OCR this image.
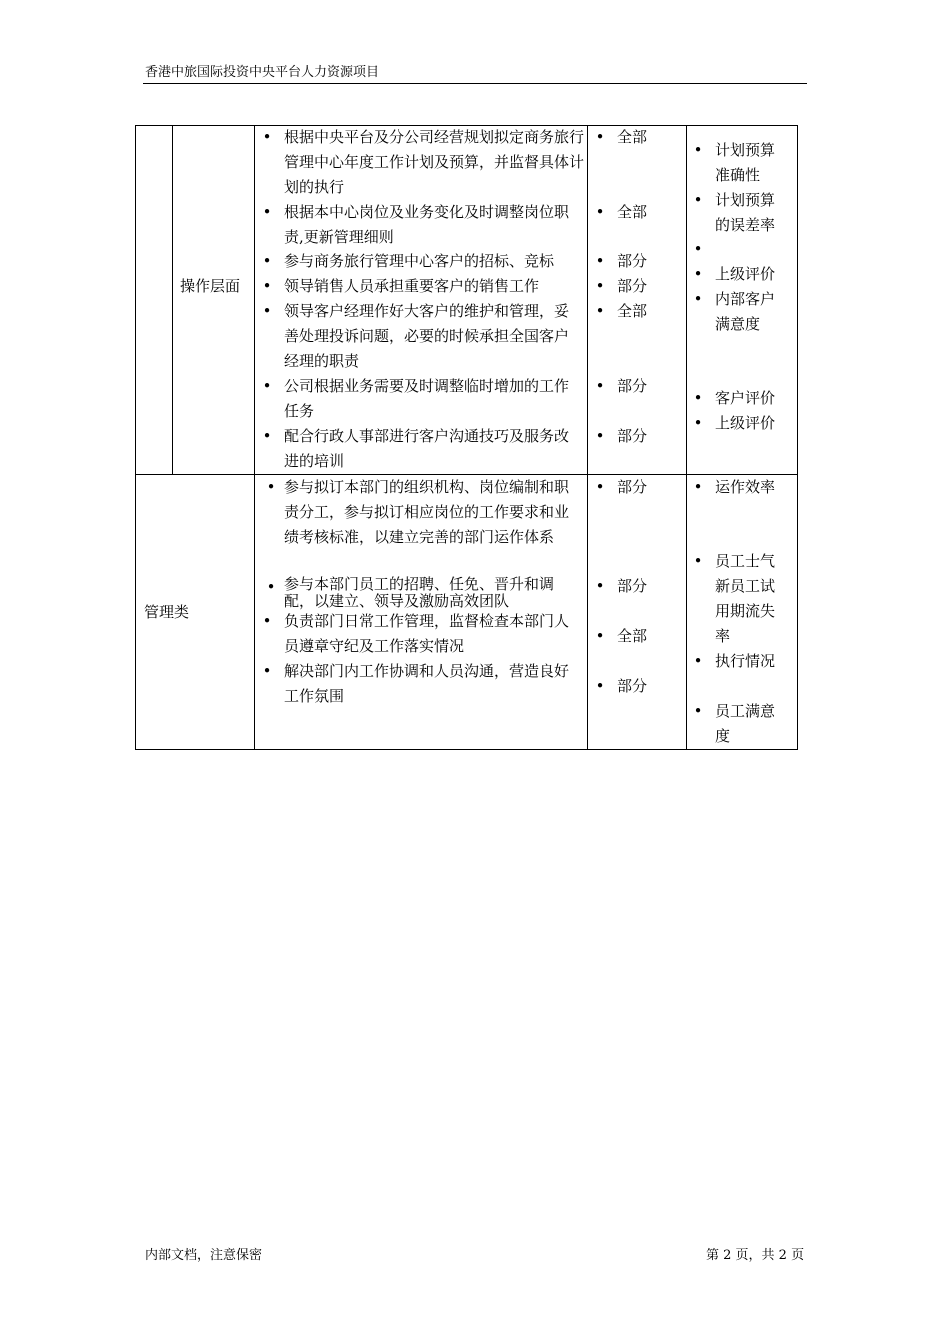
香港中旅国际投资中央平台人力资源项目
操作层面
• 根据中央平台及分公司经营规划拟定商务旅行管理中心年度工作计划及预算，并监督具体计划的执行
• 根据本中心岗位及业务变化及时调整岗位职责,更新管理细则
• 参与商务旅行管理中心客户的招标、竞标
• 领导销售人员承担重要客户的销售工作
• 领导客户经理作好大客户的维护和管理，妥善处理投诉问题，必要的时候承担全国客户经理的职责
• 公司根据业务需要及时调整临时增加的工作任务
• 配合行政人事部进行客户沟通技巧及服务改进的培训
• 全部
• 全部
• 部分
• 部分
• 全部
• 部分
• 部分
• 计划预算准确性
• 计划预算的误差率
•
• 上级评价
• 内部客户满意度
• 客户评价
• 上级评价
管理类
• 参与拟订本部门的组织机构、岗位编制和职责分工，参与拟订相应岗位的工作要求和业绩考核标准，以建立完善的部门运作体系
• 参与本部门员工的招聘、任免、晋升和调配，以建立、领导及激励高效团队
• 负责部门日常工作管理，监督检查本部门人员遵章守纪及工作落实情况
• 解决部门内工作协调和人员沟通，营造良好工作氛围
• 部分
• 部分
• 全部
• 部分
• 运作效率
• 员工士气新员工试用期流失率
• 执行情况
• 员工满意度
内部文档，注意保密	第 2 页，共 2 页
